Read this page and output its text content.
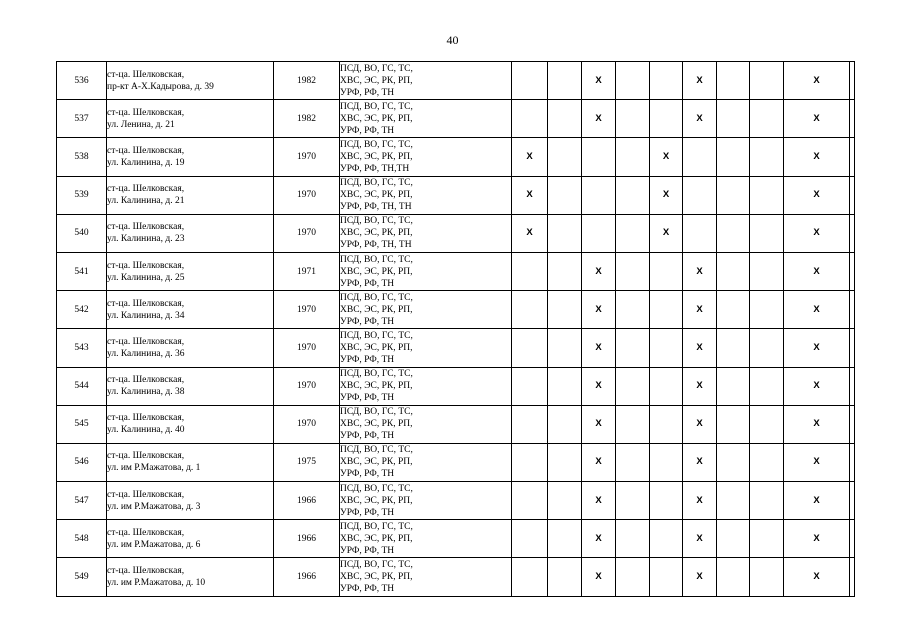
40
536	ст-ца. Шелковская,
пр-кт А-Х.Кадырова, д. 39	1982	ПСД, ВО, ГС, ТС,
ХВС, ЭС, РК, РП,
УРФ, РФ, ТН			X			X			X	
537	ст-ца. Шелковская,
ул. Ленина, д. 21	1982	ПСД, ВО, ГС, ТС,
ХВС, ЭС, РК, РП,
УРФ, РФ, ТН			X			X			X	
538	ст-ца. Шелковская,
ул. Калинина, д. 19	1970	ПСД, ВО, ГС, ТС,
ХВС, ЭС, РК, РП,
УРФ, РФ, ТН,ТН	X				X				X	
539	ст-ца. Шелковская,
ул. Калинина, д. 21	1970	ПСД, ВО, ГС, ТС,
ХВС, ЭС, РК, РП,
УРФ, РФ, ТН, ТН	X				X				X	
540	ст-ца. Шелковская,
ул. Калинина, д. 23	1970	ПСД, ВО, ГС, ТС,
ХВС, ЭС, РК, РП,
УРФ, РФ, ТН, ТН	X				X				X	
541	ст-ца. Шелковская,
ул. Калинина, д. 25	1971	ПСД, ВО, ГС, ТС,
ХВС, ЭС, РК, РП,
УРФ, РФ, ТН			X			X			X	
542	ст-ца. Шелковская,
ул. Калинина, д. 34	1970	ПСД, ВО, ГС, ТС,
ХВС, ЭС, РК, РП,
УРФ, РФ, ТН			X			X			X	
543	ст-ца. Шелковская,
ул. Калинина, д. 36	1970	ПСД, ВО, ГС, ТС,
ХВС, ЭС, РК, РП,
УРФ, РФ, ТН			X			X			X	
544	ст-ца. Шелковская,
ул. Калинина, д. 38	1970	ПСД, ВО, ГС, ТС,
ХВС, ЭС, РК, РП,
УРФ, РФ, ТН			X			X			X	
545	ст-ца. Шелковская,
ул. Калинина, д. 40	1970	ПСД, ВО, ГС, ТС,
ХВС, ЭС, РК, РП,
УРФ, РФ, ТН			X			X			X	
546	ст-ца. Шелковская,
ул. им Р.Мажатова, д. 1	1975	ПСД, ВО, ГС, ТС,
ХВС, ЭС, РК, РП,
УРФ, РФ, ТН			X			X			X	
547	ст-ца. Шелковская,
ул. им Р.Мажатова, д. 3	1966	ПСД, ВО, ГС, ТС,
ХВС, ЭС, РК, РП,
УРФ, РФ, ТН			X			X			X	
548	ст-ца. Шелковская,
ул. им Р.Мажатова, д. 6	1966	ПСД, ВО, ГС, ТС,
ХВС, ЭС, РК, РП,
УРФ, РФ, ТН			X			X			X	
549	ст-ца. Шелковская,
ул. им Р.Мажатова, д. 10	1966	ПСД, ВО, ГС, ТС,
ХВС, ЭС, РК, РП,
УРФ, РФ, ТН			X			X			X	
